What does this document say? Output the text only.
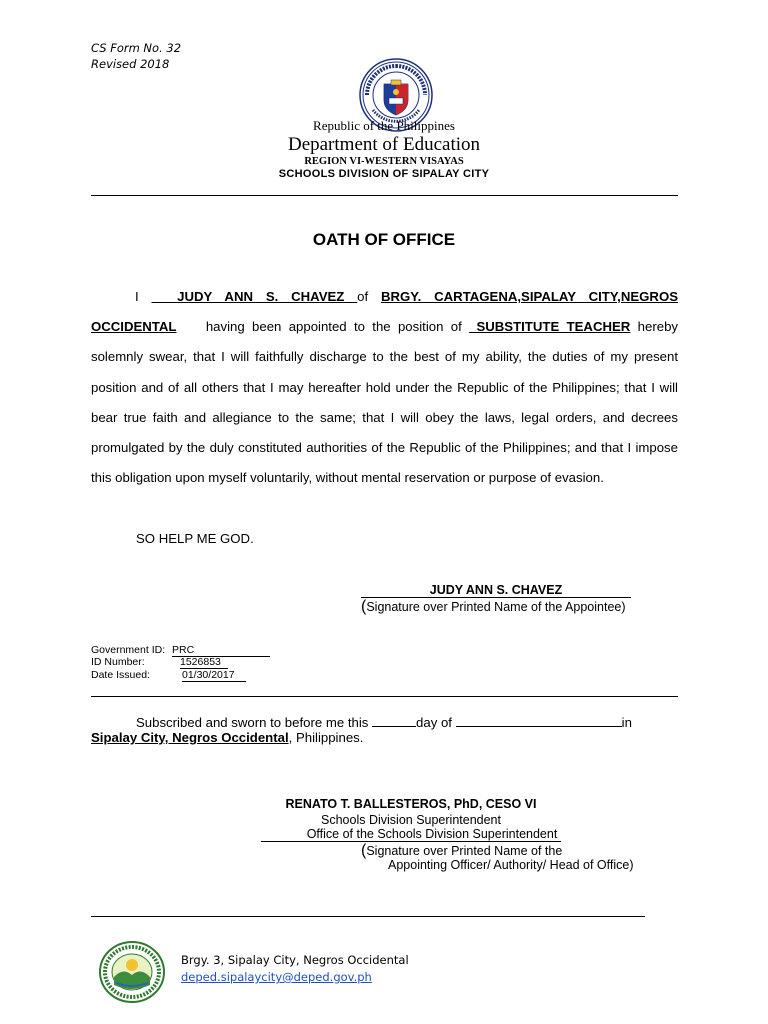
CS Form No. 32
Revised 2018
Republic of the Philippines
Department of Education
REGION VI-WESTERN VISAYAS
SCHOOLS DIVISION OF SIPALAY CITY
OATH OF OFFICE
I	JUDY ANN S. CHAVEZ of BRGY. CARTAGENA,SIPALAY CITY,NEGROS OCCIDENTAL having been appointed to the position of SUBSTITUTE TEACHER hereby solemnly swear, that I will faithfully discharge to the best of my ability, the duties of my present position and of all others that I may hereafter hold under the Republic of the Philippines; that I will bear true faith and allegiance to the same; that I will obey the laws, legal orders, and decrees promulgated by the duly constituted authorities of the Republic of the Philippines; and that I impose this obligation upon myself voluntarily, without mental reservation or purpose of evasion.
SO HELP ME GOD.
JUDY ANN S. CHAVEZ
(Signature over Printed Name of the Appointee)
Government ID: PRC
ID Number:	1526853
Date Issued:	01/30/2017
Subscribed and sworn to before me this	day of	in
Sipalay City, Negros Occidental, Philippines.
RENATO T. BALLESTEROS, PhD, CESO VI
Schools Division Superintendent
Office of the Schools Division Superintendent
(Signature over Printed Name of the
Appointing Officer/ Authority/ Head of Office)
Brgy. 3, Sipalay City, Negros Occidental
deped.sipalaycity@deped.gov.ph
